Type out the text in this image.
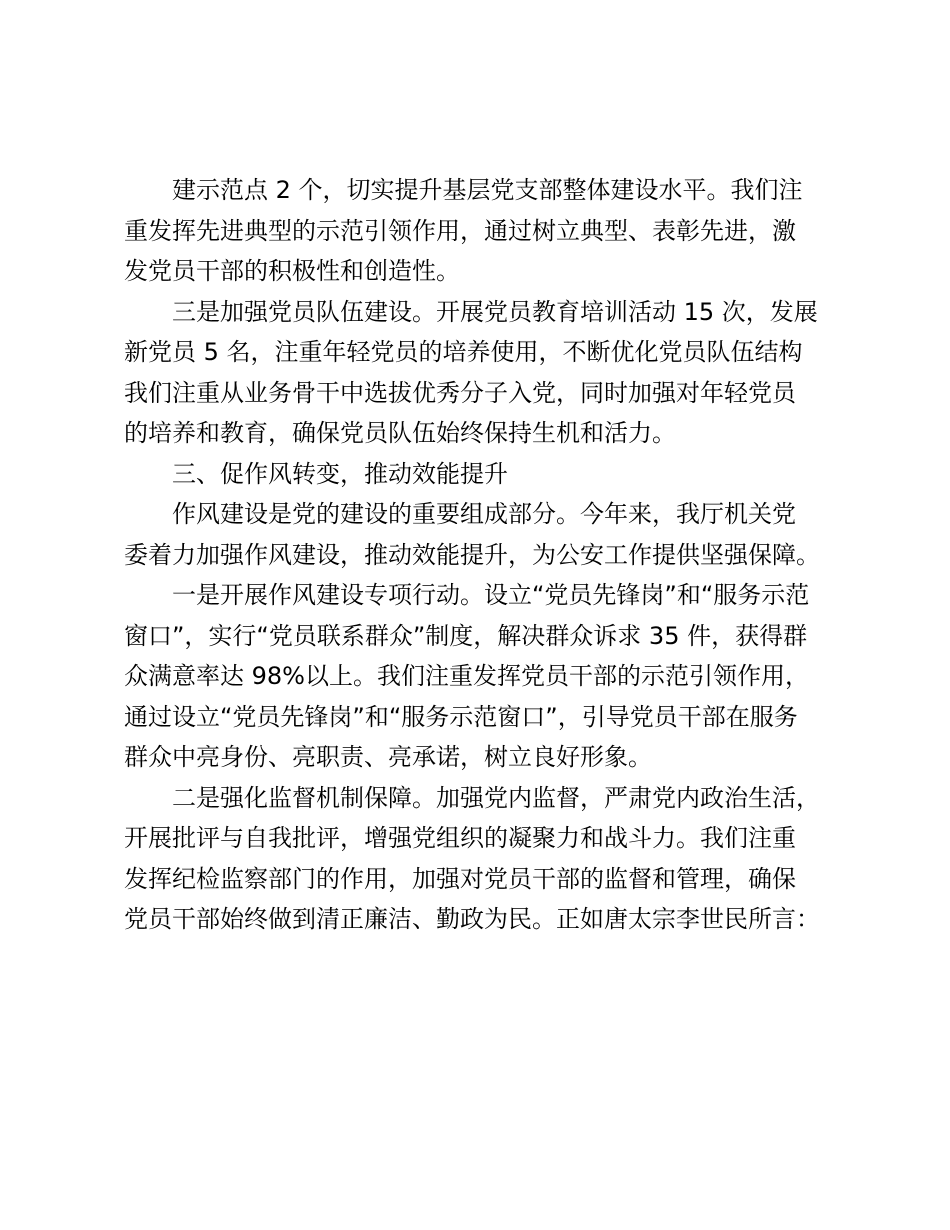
建示范点 2 个，切实提升基层党支部整体建设水平。我们注
重发挥先进典型的示范引领作用，通过树立典型、表彰先进，激
发党员干部的积极性和创造性。
三是加强党员队伍建设。开展党员教育培训活动 15 次，发展
新党员 5 名，注重年轻党员的培养使用，不断优化党员队伍结构
我们注重从业务骨干中选拔优秀分子入党，同时加强对年轻党员
的培养和教育，确保党员队伍始终保持生机和活力。
三、促作风转变，推动效能提升
作风建设是党的建设的重要组成部分。今年来，我厅机关党
委着力加强作风建设，推动效能提升，为公安工作提供坚强保障。
一是开展作风建设专项行动。设立“党员先锋岗”和“服务示范
窗口”，实行“党员联系群众”制度，解决群众诉求 35 件，获得群
众满意率达 98%以上。我们注重发挥党员干部的示范引领作用，
通过设立“党员先锋岗”和“服务示范窗口”，引导党员干部在服务
群众中亮身份、亮职责、亮承诺，树立良好形象。
二是强化监督机制保障。加强党内监督，严肃党内政治生活，
开展批评与自我批评，增强党组织的凝聚力和战斗力。我们注重
发挥纪检监察部门的作用，加强对党员干部的监督和管理，确保
党员干部始终做到清正廉洁、勤政为民。正如唐太宗李世民所言：
